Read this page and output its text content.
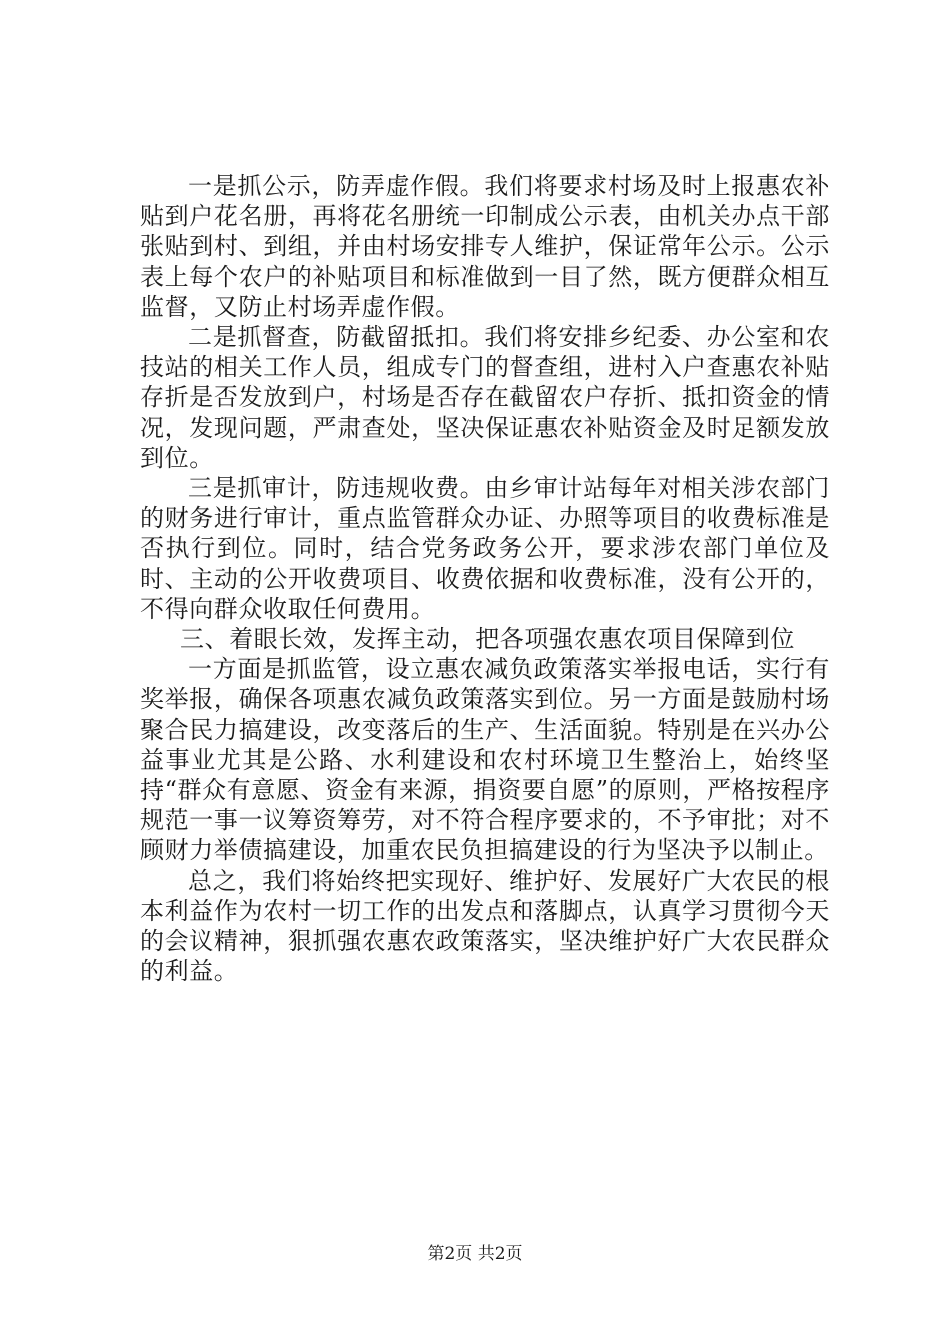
一是抓公示，防弄虚作假。我们将要求村场及时上报惠农补贴到户花名册，再将花名册统一印制成公示表，由机关办点干部张贴到村、到组，并由村场安排专人维护，保证常年公示。公示表上每个农户的补贴项目和标准做到一目了然，既方便群众相互监督，又防止村场弄虚作假。

二是抓督查，防截留抵扣。我们将安排乡纪委、办公室和农技站的相关工作人员，组成专门的督查组，进村入户查惠农补贴存折是否发放到户，村场是否存在截留农户存折、抵扣资金的情况，发现问题，严肃查处，坚决保证惠农补贴资金及时足额发放到位。

三是抓审计，防违规收费。由乡审计站每年对相关涉农部门的财务进行审计，重点监管群众办证、办照等项目的收费标准是否执行到位。同时，结合党务政务公开，要求涉农部门单位及时、主动的公开收费项目、收费依据和收费标准，没有公开的，不得向群众收取任何费用。

三、着眼长效，发挥主动，把各项强农惠农项目保障到位

一方面是抓监管，设立惠农减负政策落实举报电话，实行有奖举报，确保各项惠农减负政策落实到位。另一方面是鼓励村场聚合民力搞建设，改变落后的生产、生活面貌。特别是在兴办公益事业尤其是公路、水利建设和农村环境卫生整治上，始终坚持“群众有意愿、资金有来源，捐资要自愿”的原则，严格按程序规范一事一议筹资筹劳，对不符合程序要求的，不予审批；对不顾财力举债搞建设，加重农民负担搞建设的行为坚决予以制止。

总之，我们将始终把实现好、维护好、发展好广大农民的根本利益作为农村一切工作的出发点和落脚点，认真学习贯彻今天的会议精神，狠抓强农惠农政策落实，坚决维护好广大农民群众的利益。

第2页 共2页
